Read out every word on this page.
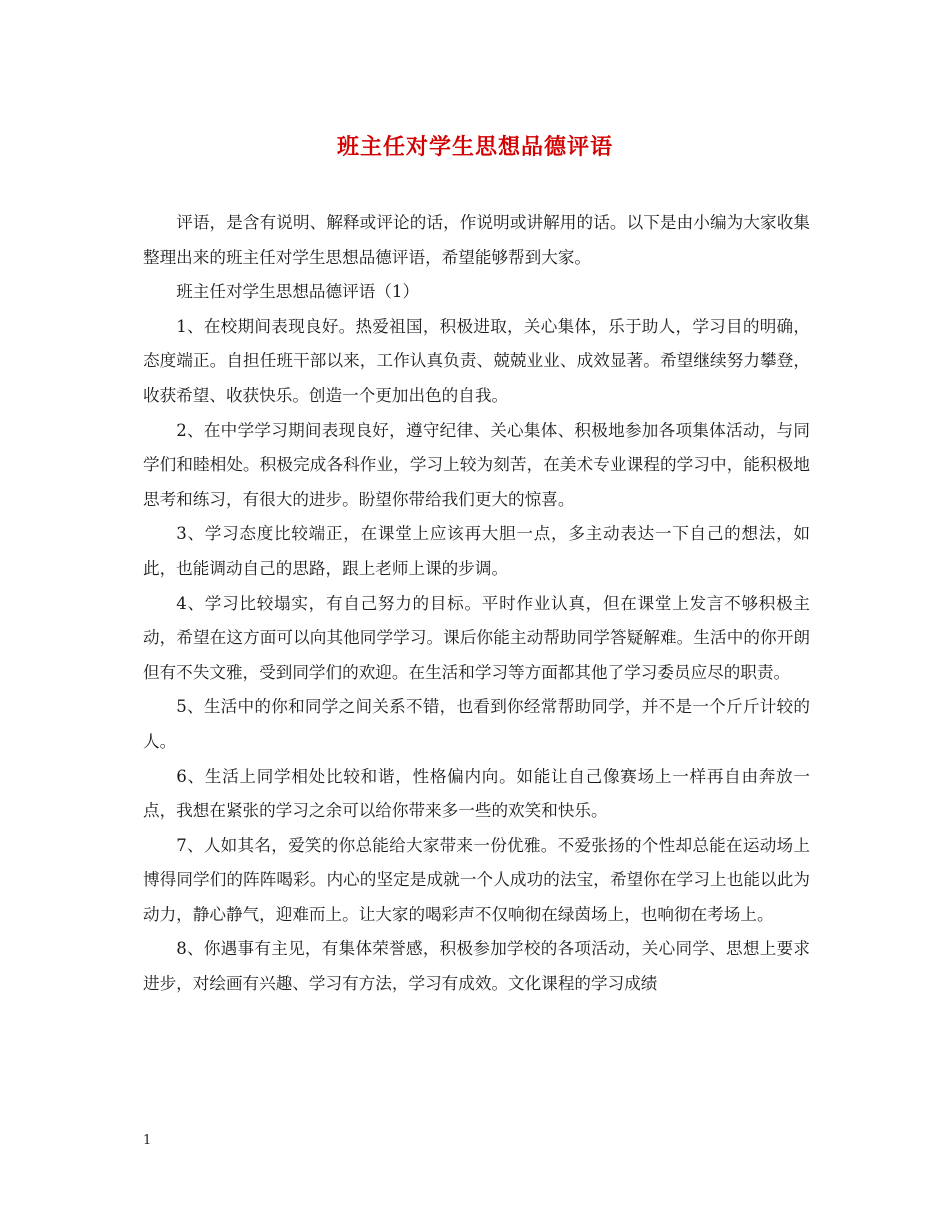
班主任对学生思想品德评语

评语，是含有说明、解释或评论的话，作说明或讲解用的话。以下是由小编为大家收集整理出来的班主任对学生思想品德评语，希望能够帮到大家。

班主任对学生思想品德评语（1）

1、在校期间表现良好。热爱祖国，积极进取，关心集体，乐于助人，学习目的明确，态度端正。自担任班干部以来，工作认真负责、兢兢业业、成效显著。希望继续努力攀登，收获希望、收获快乐。创造一个更加出色的自我。

2、在中学学习期间表现良好，遵守纪律、关心集体、积极地参加各项集体活动，与同学们和睦相处。积极完成各科作业，学习上较为刻苦，在美术专业课程的学习中，能积极地思考和练习，有很大的进步。盼望你带给我们更大的惊喜。

3、学习态度比较端正，在课堂上应该再大胆一点，多主动表达一下自己的想法，如此，也能调动自己的思路，跟上老师上课的步调。

4、学习比较塌实，有自己努力的目标。平时作业认真，但在课堂上发言不够积极主动，希望在这方面可以向其他同学学习。课后你能主动帮助同学答疑解难。生活中的你开朗但有不失文雅，受到同学们的欢迎。在生活和学习等方面都其他了学习委员应尽的职责。

5、生活中的你和同学之间关系不错，也看到你经常帮助同学，并不是一个斤斤计较的人。

6、生活上同学相处比较和谐，性格偏内向。如能让自己像赛场上一样再自由奔放一点，我想在紧张的学习之余可以给你带来多一些的欢笑和快乐。

7、人如其名，爱笑的你总能给大家带来一份优雅。不爱张扬的个性却总能在运动场上博得同学们的阵阵喝彩。内心的坚定是成就一个人成功的法宝，希望你在学习上也能以此为动力，静心静气，迎难而上。让大家的喝彩声不仅响彻在绿茵场上，也响彻在考场上。

8、你遇事有主见，有集体荣誉感，积极参加学校的各项活动，关心同学、思想上要求进步，对绘画有兴趣、学习有方法，学习有成效。文化课程的学习成绩

1
